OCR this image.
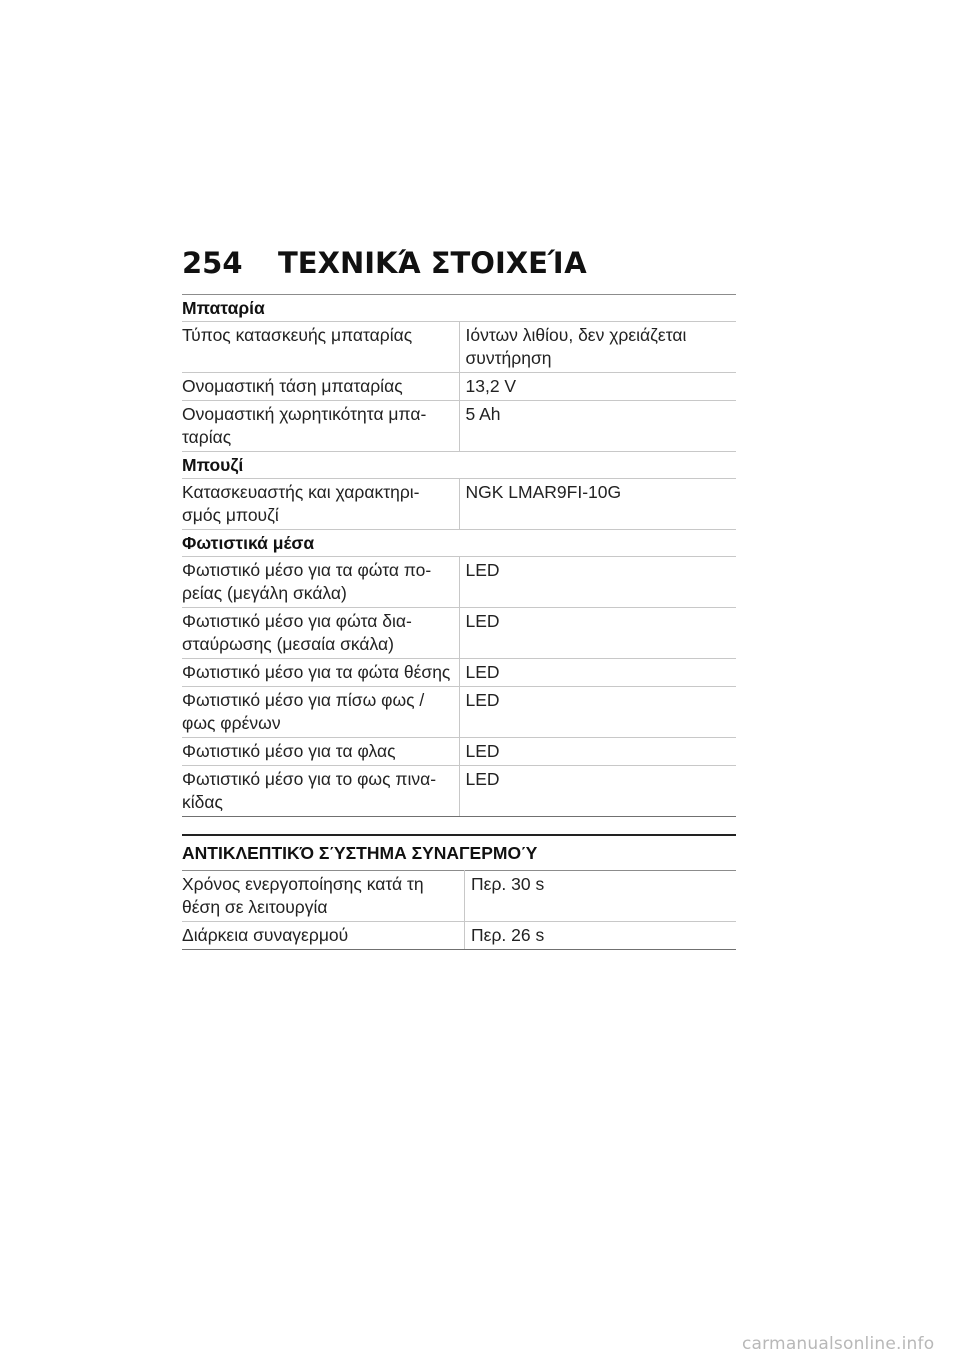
254	ΤΕΧΝΙΚΆ ΣΤΟΙΧΕΊΑ
Μπαταρία	
Τύπος κατασκευής μπαταρίας	Ιόντων λιθίου, δεν χρειάζεται συντήρηση
Ονομαστική τάση μπαταρίας	13,2 V
Ονομαστική χωρητικότητα μπα-ταρίας	5 Ah
Μπουζί	
Κατασκευαστής και χαρακτηρι-σμός μπουζί	NGK LMAR9FI-10G
Φωτιστικά μέσα	
Φωτιστικό μέσο για τα φώτα πο-ρείας (μεγάλη σκάλα)	LED
Φωτιστικό μέσο για φώτα δια-σταύρωσης (μεσαία σκάλα)	LED
Φωτιστικό μέσο για τα φώτα θέσης	LED
Φωτιστικό μέσο για πίσω φως / φως φρένων	LED
Φωτιστικό μέσο για τα φλας	LED
Φωτιστικό μέσο για το φως πινα-κίδας	LED
ΑΝΤΙΚΛΕΠΤΙΚΌ ΣΎΣΤΗΜΑ ΣΥΝΑΓΕΡΜΟΎ
Χρόνος ενεργοποίησης κατά τη θέση σε λειτουργία	Περ. 30 s
Διάρκεια συναγερμού	Περ. 26 s
carmanualsonline.info
